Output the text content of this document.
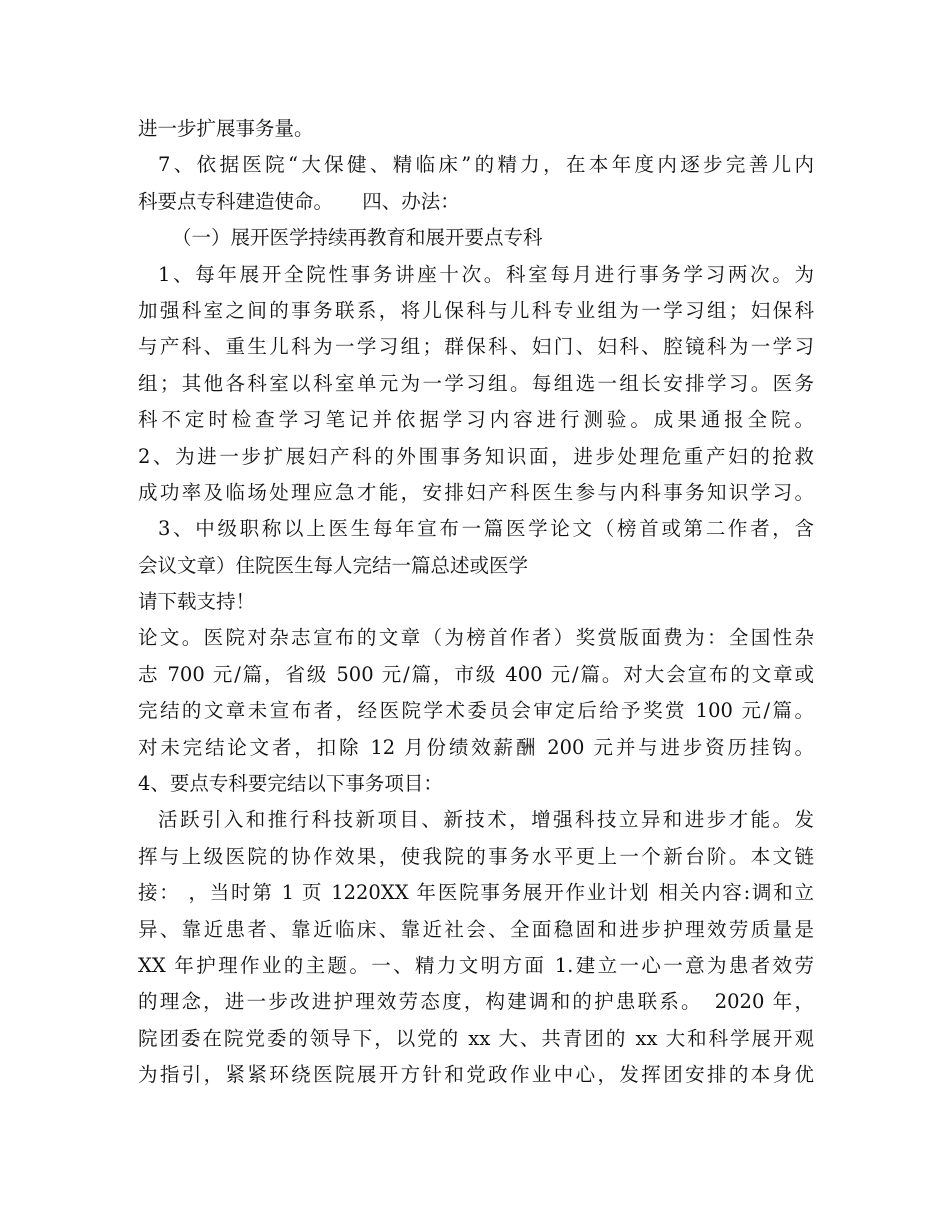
进一步扩展事务量。
7、依据医院“大保健、精临床”的精力，在本年度内逐步完善儿内
科要点专科建造使命。　　四、办法：
（一）展开医学持续再教育和展开要点专科
1、每年展开全院性事务讲座十次。科室每月进行事务学习两次。为
加强科室之间的事务联系，将儿保科与儿科专业组为一学习组；妇保科
与产科、重生儿科为一学习组；群保科、妇门、妇科、腔镜科为一学习
组；其他各科室以科室单元为一学习组。每组选一组长安排学习。医务
科不定时检查学习笔记并依据学习内容进行测验。成果通报全院。
2、为进一步扩展妇产科的外围事务知识面，进步处理危重产妇的抢救
成功率及临场处理应急才能，安排妇产科医生参与内科事务知识学习。
3、中级职称以上医生每年宣布一篇医学论文（榜首或第二作者，含
会议文章）住院医生每人完结一篇总述或医学
请下载支持！
论文。医院对杂志宣布的文章（为榜首作者）奖赏版面费为：全国性杂
志 700 元/篇，省级 500 元/篇，市级 400 元/篇。对大会宣布的文章或
完结的文章未宣布者，经医院学术委员会审定后给予奖赏 100 元/篇。
对未完结论文者，扣除 12 月份绩效薪酬 200 元并与进步资历挂钩。
4、要点专科要完结以下事务项目：
活跃引入和推行科技新项目、新技术，增强科技立异和进步才能。发
挥与上级医院的协作效果，使我院的事务水平更上一个新台阶。本文链
接： ，当时第 1 页 1220XX 年医院事务展开作业计划 相关内容:调和立
异、靠近患者、靠近临床、靠近社会、全面稳固和进步护理效劳质量是
XX 年护理作业的主题。一、精力文明方面 1.建立一心一意为患者效劳
的理念，进一步改进护理效劳态度，构建调和的护患联系。　2020 年，
院团委在院党委的领导下，以党的 xx 大、共青团的 xx 大和科学展开观
为指引，紧紧环绕医院展开方针和党政作业中心，发挥团安排的本身优
